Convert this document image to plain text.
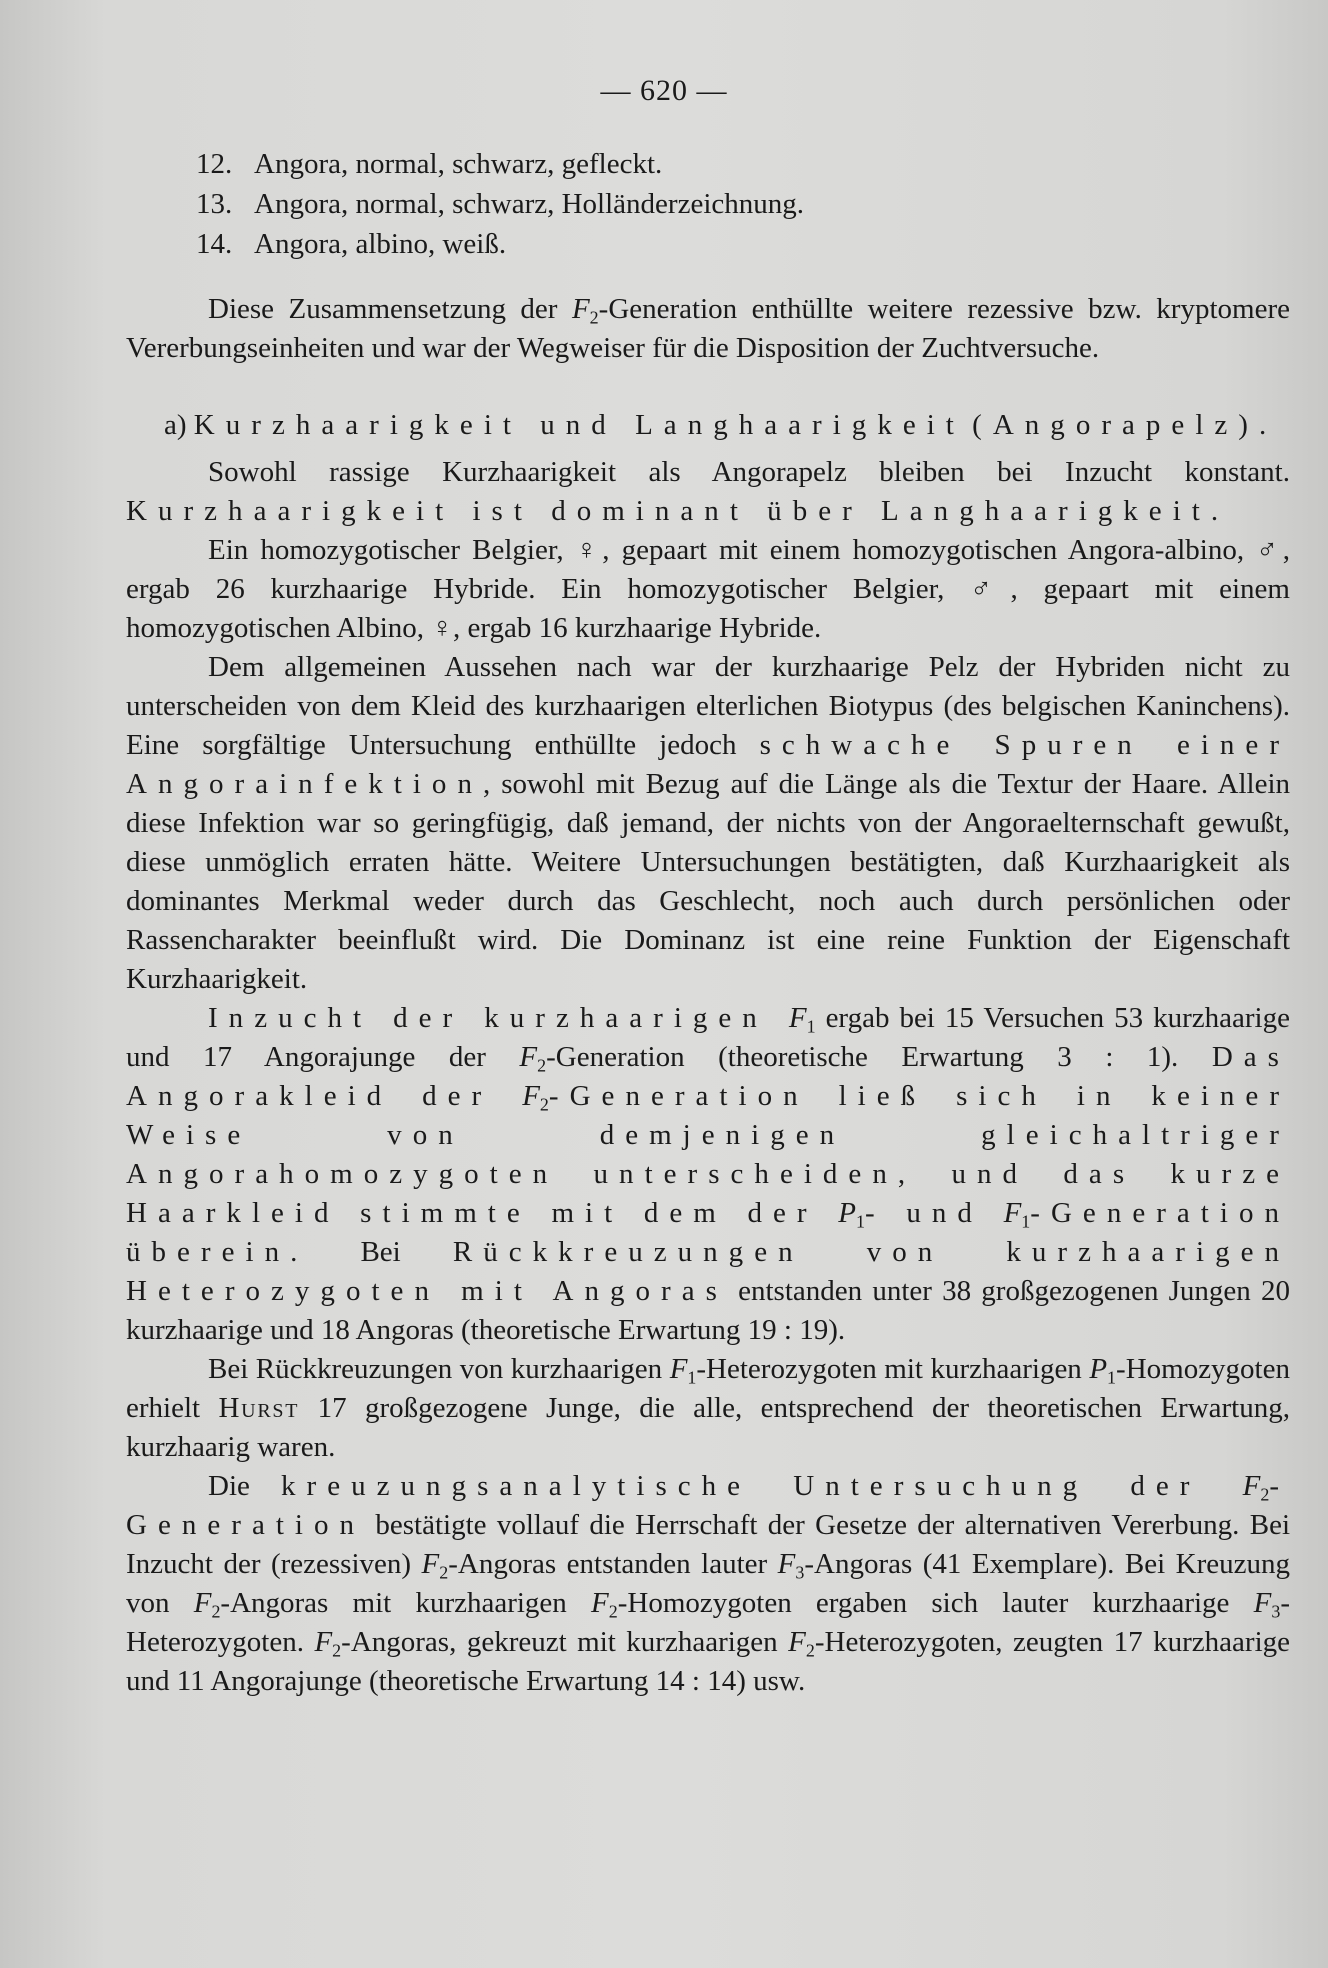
— 620 —
12. Angora, normal, schwarz, gefleckt.
13. Angora, normal, schwarz, Holländerzeichnung.
14. Angora, albino, weiß.

Diese Zusammensetzung der $F_2$-Generation enthüllte weitere rezessive bzw. kryptomere Vererbungseinheiten und war der Wegweiser für die Disposition der Zuchtversuche.

a) Kurzhaarigkeit und Langhaarigkeit (Angorapelz).

Sowohl rassige Kurzhaarigkeit als Angorapelz bleiben bei Inzucht konstant. Kurzhaarigkeit ist dominant über Langhaarigkeit.

Ein homozygotischer Belgier, ♀, gepaart mit einem homozygotischen Angora-albino, ♂, ergab 26 kurzhaarige Hybride. Ein homozygotischer Belgier, ♂, gepaart mit einem homozygotischen Albino, ♀, ergab 16 kurzhaarige Hybride.

Dem allgemeinen Aussehen nach war der kurzhaarige Pelz der Hybriden nicht zu unterscheiden von dem Kleid des kurzhaarigen elterlichen Biotypus (des belgischen Kaninchens). Eine sorgfältige Untersuchung enthüllte jedoch schwache Spuren einer Angorainfektion, sowohl mit Bezug auf die Länge als die Textur der Haare. Allein diese Infektion war so geringfügig, daß jemand, der nichts von der Angoraelternschaft gewußt, diese unmöglich erraten hätte. Weitere Untersuchungen bestätigten, daß Kurzhaarigkeit als dominantes Merkmal weder durch das Geschlecht, noch auch durch persönlichen oder Rassencharakter beeinflußt wird. Die Dominanz ist eine reine Funktion der Eigenschaft Kurzhaarigkeit.

Inzucht der kurzhaarigen $F_1$ ergab bei 15 Versuchen 53 kurzhaarige und 17 Angorajunge der $F_2$-Generation (theoretische Erwartung 3 : 1). Das Angorakleid der $F_2$-Generation ließ sich in keiner Weise von demjenigen gleichaltriger Angorahomozygoten unterscheiden, und das kurze Haarkleid stimmte mit dem der $P_1-$ und $F_1$-Generation überein. Bei Rückkreuzungen von kurzhaarigen Heterozygoten mit Angoras entstanden unter 38 großgezogenen Jungen 20 kurzhaarige und 18 Angoras (theoretische Erwartung 19 : 19).

Bei Rückkreuzungen von kurzhaarigen $F_1$-Heterozygoten mit kurzhaarigen $P_1$-Homozygoten erhielt Hurst 17 großgezogene Junge, die alle, entsprechend der theoretischen Erwartung, kurzhaarig waren.

Die kreuzungsanalytische Untersuchung der $F_2$-Generation bestätigte vollauf die Herrschaft der Gesetze der alternativen Vererbung. Bei Inzucht der (rezessiven) $F_2$-Angoras entstanden lauter $F_3$-Angoras (41 Exemplare). Bei Kreuzung von $F_2$-Angoras mit kurzhaarigen $F_2$-Homozygoten ergaben sich lauter kurzhaarige $F_3$-Heterozygoten. $F_2$-Angoras, gekreuzt mit kurzhaarigen $F_2$-Heterozygoten, zeugten 17 kurzhaarige und 11 Angorajunge (theoretische Erwartung 14 : 14) usw.
